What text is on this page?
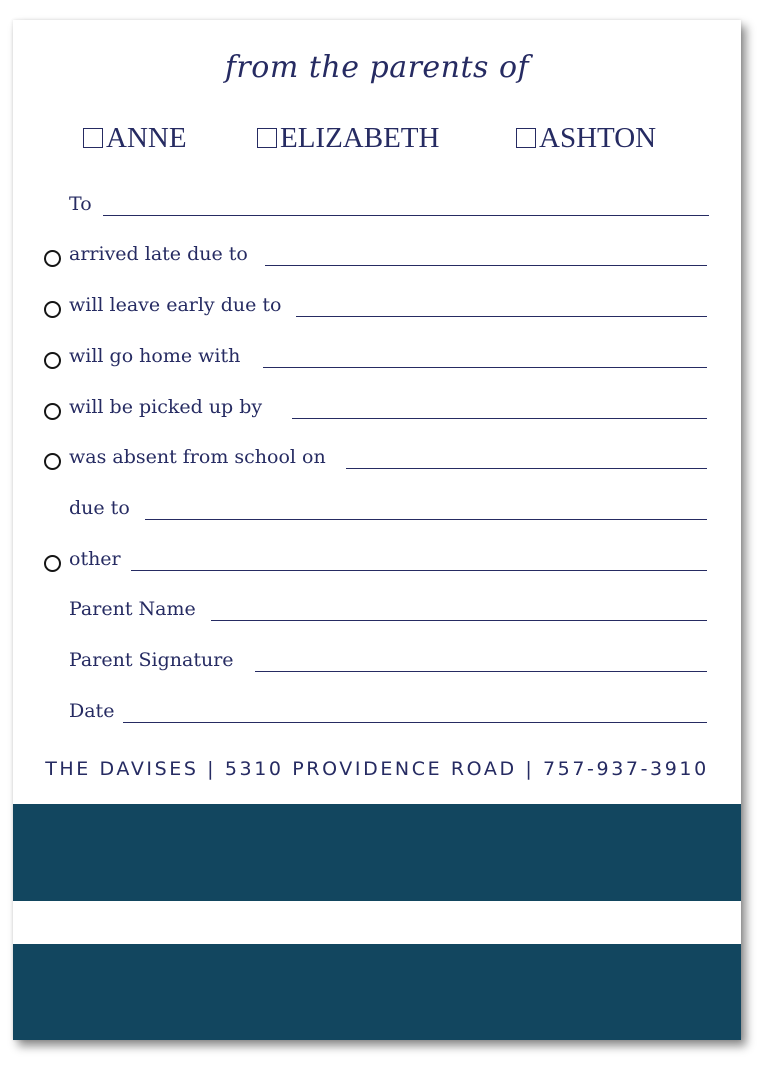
from the parents of
ANNE	ELIZABETH	ASHTON
To
arrived late due to
will leave early due to
will go home with
will be picked up by
was absent from school on
due to
other
Parent Name
Parent Signature
Date
THE DAVISES | 5310 PROVIDENCE ROAD | 757-937-3910
